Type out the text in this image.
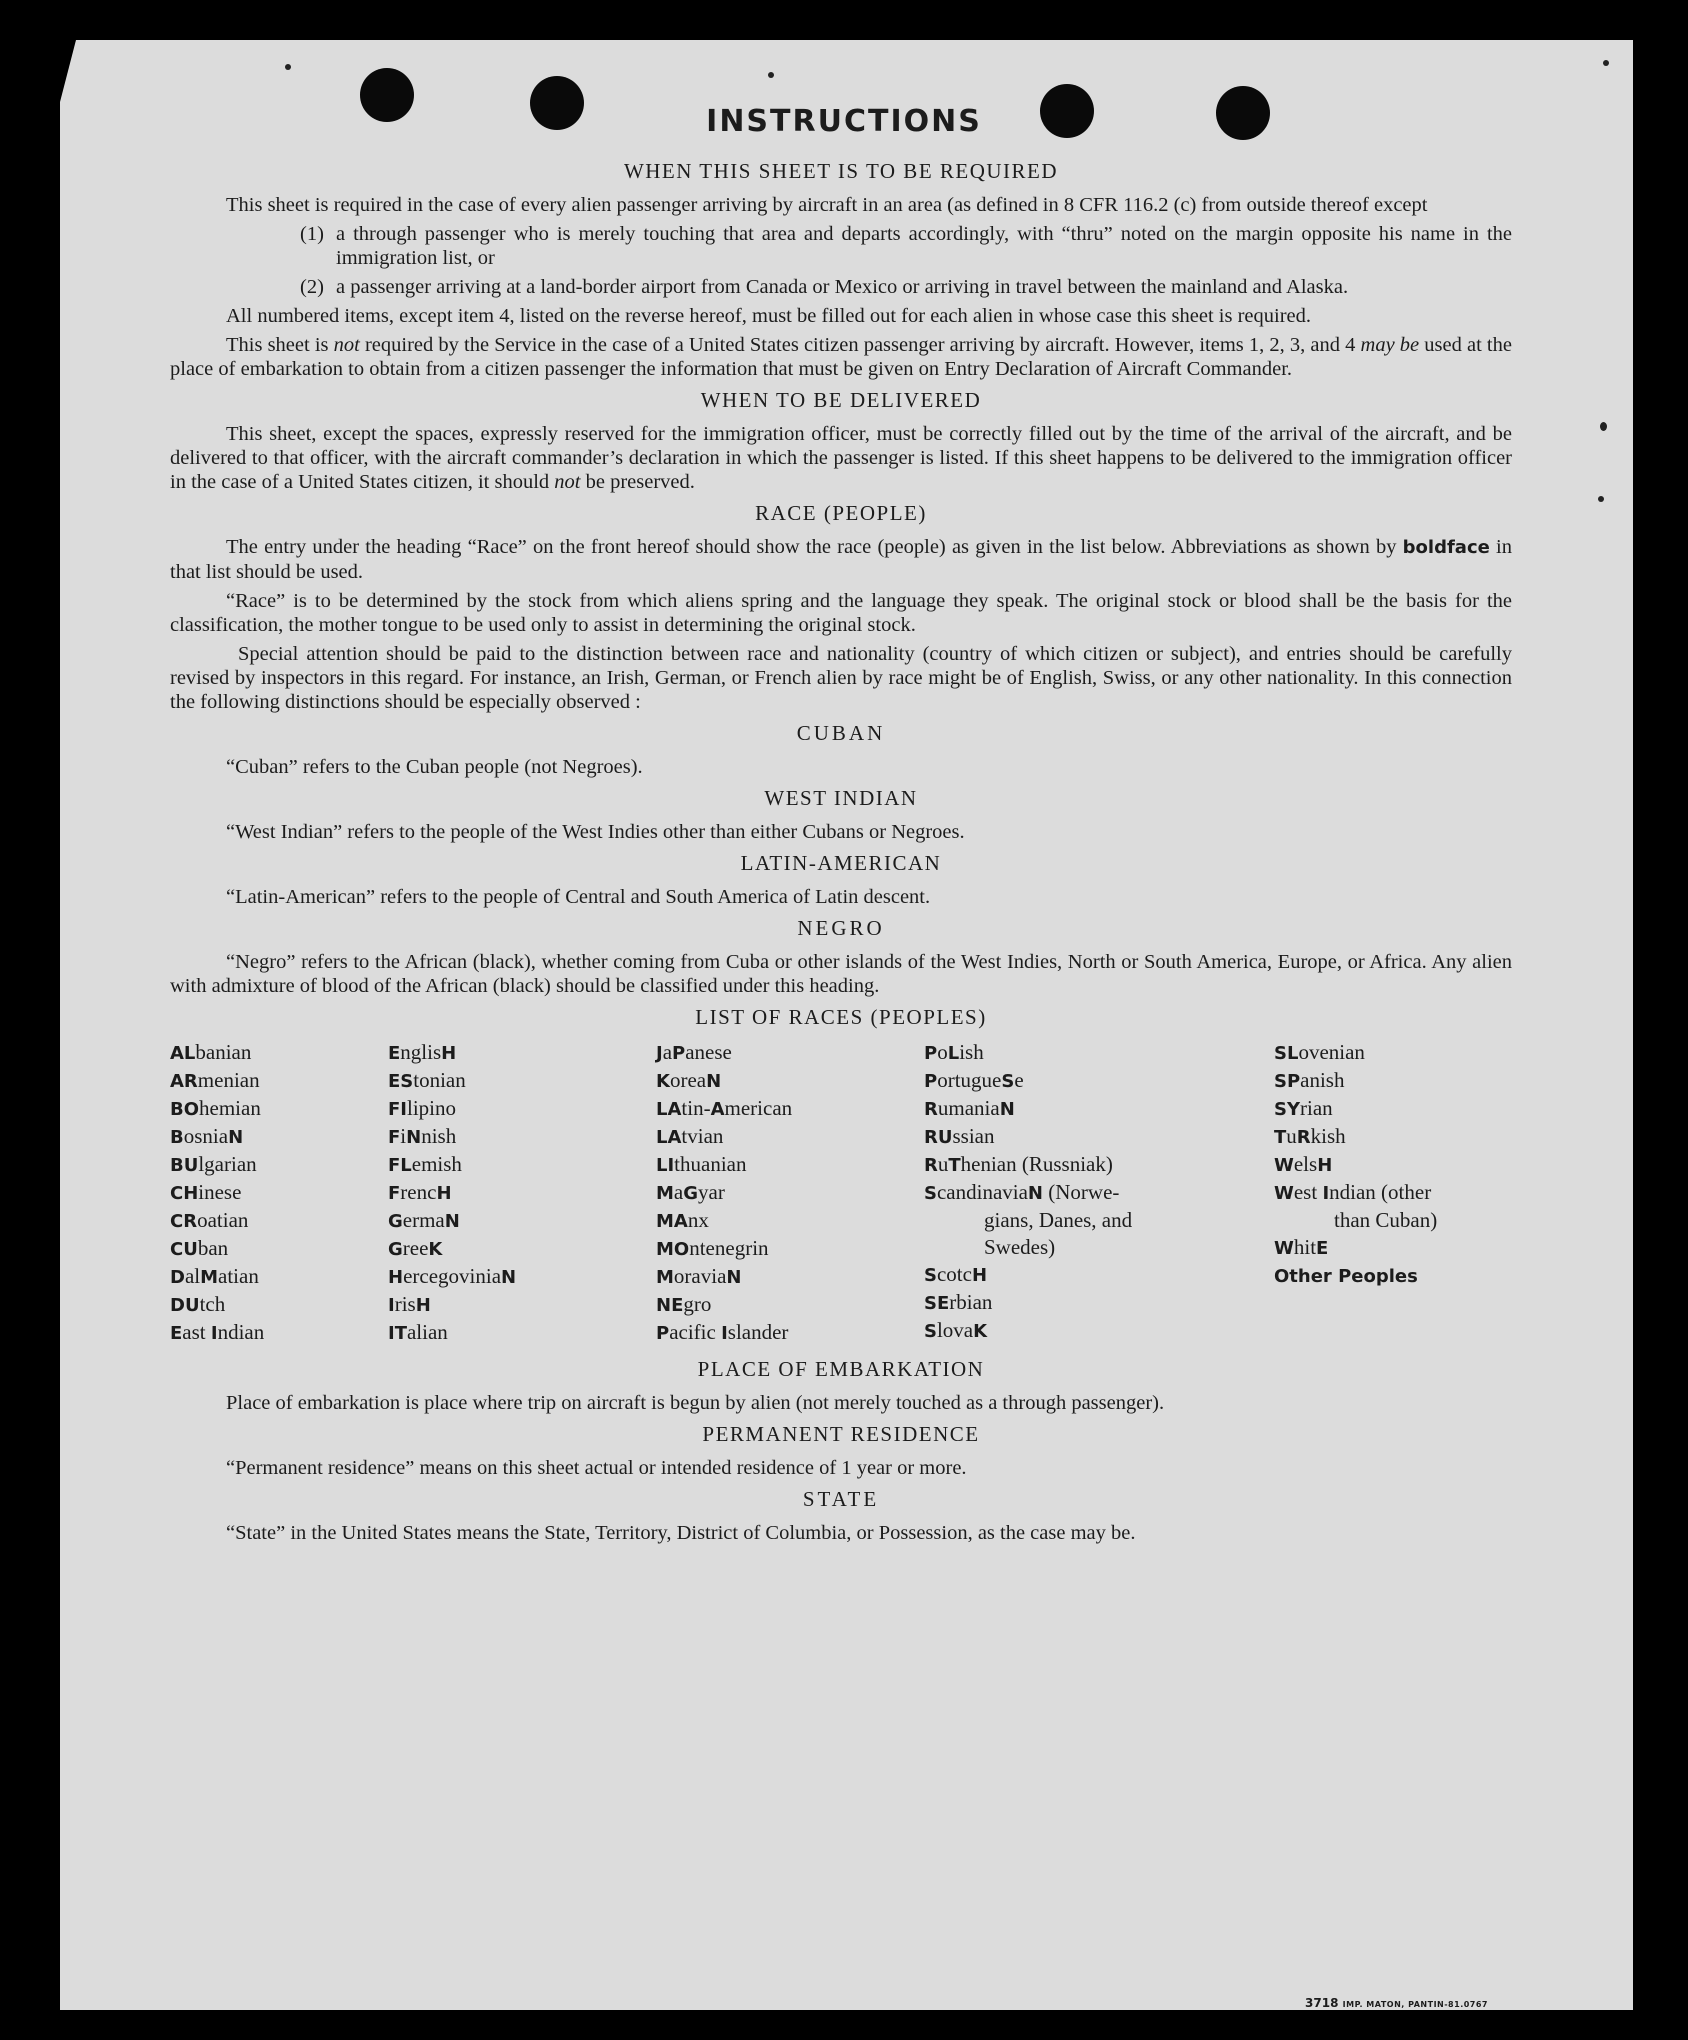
INSTRUCTIONS
WHEN THIS SHEET IS TO BE REQUIRED

This sheet is required in the case of every alien passenger arriving by aircraft in an area (as defined in 8 CFR 116.2 (c) from outside thereof except

(1) a through passenger who is merely touching that area and departs accordingly, with “thru” noted on the margin opposite his name in the immigration list, or
(2) a passenger arriving at a land-border airport from Canada or Mexico or arriving in travel between the mainland and Alaska.

All numbered items, except item 4, listed on the reverse hereof, must be filled out for each alien in whose case this sheet is required.

This sheet is not required by the Service in the case of a United States citizen passenger arriving by aircraft. However, items 1, 2, 3, and 4 may be used at the place of embarkation to obtain from a citizen passenger the information that must be given on Entry Declaration of Aircraft Commander.

WHEN TO BE DELIVERED

This sheet, except the spaces, expressly reserved for the immigration officer, must be correctly filled out by the time of the arrival of the aircraft, and be delivered to that officer, with the aircraft commander’s declaration in which the passenger is listed. If this sheet happens to be delivered to the immigration officer in the case of a United States citizen, it should not be preserved.

RACE (PEOPLE)

The entry under the heading “Race” on the front hereof should show the race (people) as given in the list below. Abbreviations as shown by boldface in that list should be used.

“Race” is to be determined by the stock from which aliens spring and the language they speak. The original stock or blood shall be the basis for the classification, the mother tongue to be used only to assist in determining the original stock.

Special attention should be paid to the distinction between race and nationality (country of which citizen or subject), and entries should be carefully revised by inspectors in this regard. For instance, an Irish, German, or French alien by race might be of English, Swiss, or any other nationality. In this connection the following distinctions should be especially observed :

CUBAN

“Cuban” refers to the Cuban people (not Negroes).

WEST INDIAN

“West Indian” refers to the people of the West Indies other than either Cubans or Negroes.

LATIN-AMERICAN

“Latin-American” refers to the people of Central and South America of Latin descent.

NEGRO

“Negro” refers to the African (black), whether coming from Cuba or other islands of the West Indies, North or South America, Europe, or Africa. Any alien with admixture of blood of the African (black) should be classified under this heading.

LIST OF RACES (PEOPLES)
ALbanian
ARmenian
BOhemian
BosniaN
BUlgarian
CHinese
CRoatian
CUban
DalMatian
DUtch
East Indian
EnglisH
EStonian
FIlipino
FiNnish
FLemish
FrencH
GermaN
GreeK
HercegoviniaN
IrisH
ITalian
JaPanese
KoreaN
LAtin-American
LAtvian
LIthuanian
MaGyar
MAnx
MOntenegrin
MoraviaN
NEgro
Pacific Islander
PoLish
PortugueSe
RumaniaN
RUssian
RuThenian (Russniak)
ScandinaviaN (Norwe-
gians, Danes, and
Swedes)
ScotcH
SErbian
SlovaK
SLovenian
SPanish
SYrian
TuRkish
WelsH
West Indian (other
than Cuban)
WhitE
Other Peoples
PLACE OF EMBARKATION

Place of embarkation is place where trip on aircraft is begun by alien (not merely touched as a through passenger).

PERMANENT RESIDENCE

“Permanent residence” means on this sheet actual or intended residence of 1 year or more.

STATE

“State” in the United States means the State, Territory, District of Columbia, or Possession, as the case may be.

3718 IMP. MATON, PANTIN-81.0767
